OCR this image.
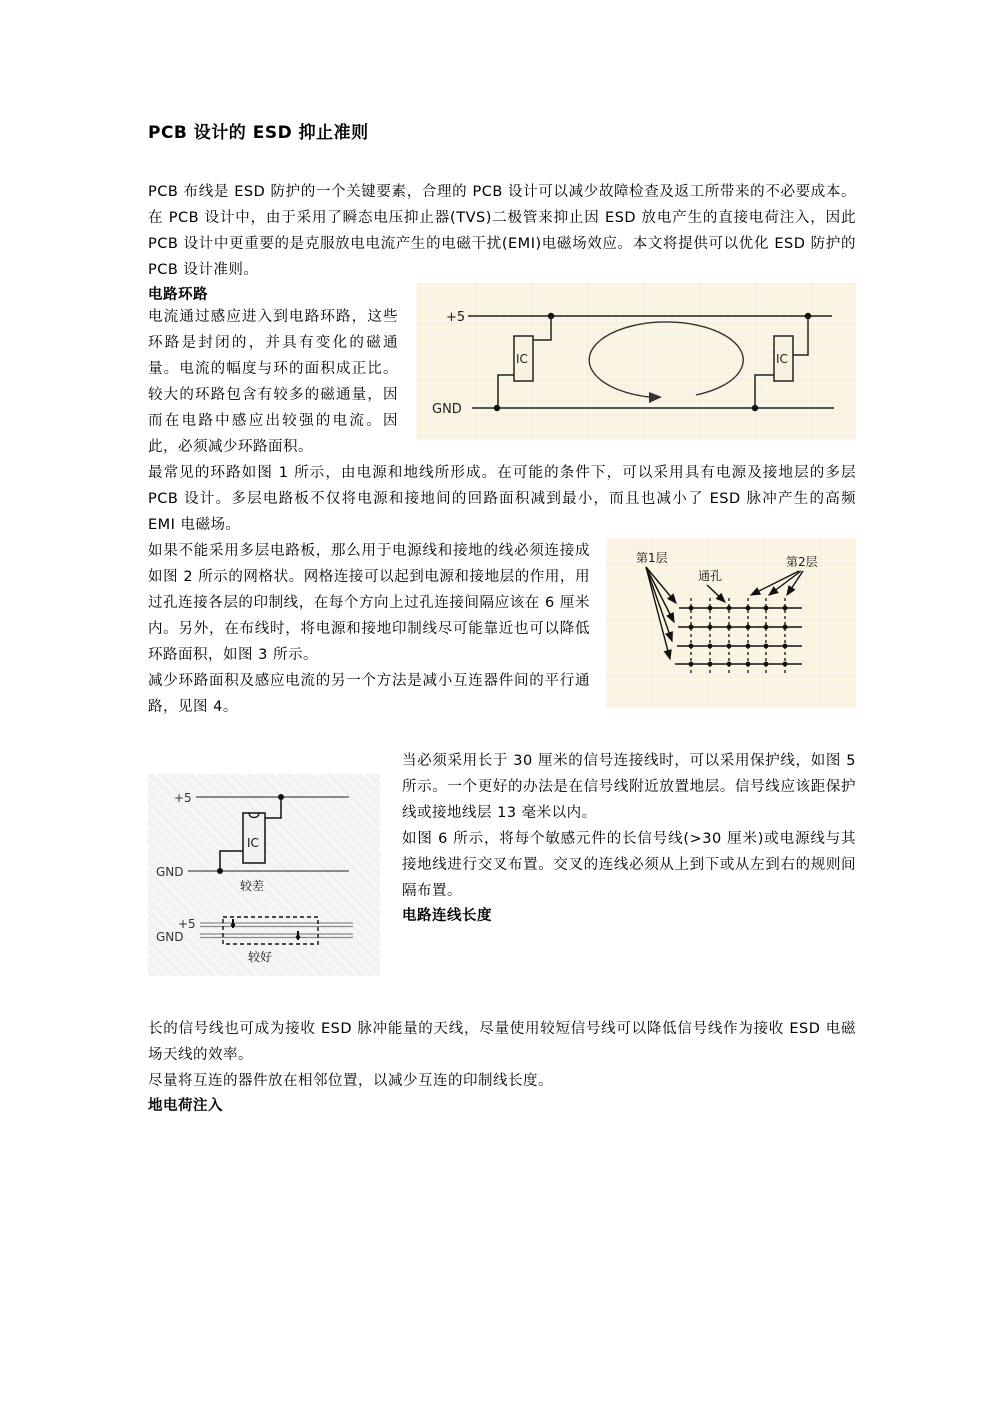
PCB 设计的 ESD 抑止准则

PCB 布线是 ESD 防护的一个关键要素，合理的 PCB 设计可以减少故障检查及返工所带来的不必要成本。在 PCB 设计中，由于采用了瞬态电压抑止器(TVS)二极管来抑止因 ESD 放电产生的直接电荷注入，因此 PCB 设计中更重要的是克服放电电流产生的电磁干扰(EMI)电磁场效应。本文将提供可以优化 ESD 防护的 PCB 设计准则。

+5
GND
IC	IC
电路环路

电流通过感应进入到电路环路，这些环路是封闭的，并具有变化的磁通量。电流的幅度与环的面积成正比。较大的环路包含有较多的磁通量，因而在电路中感应出较强的电流。因此，必须减少环路面积。

最常见的环路如图 1 所示，由电源和地线所形成。在可能的条件下，可以采用具有电源及接地层的多层 PCB 设计。多层电路板不仅将电源和接地间的回路面积减到最小，而且也减小了 ESD 脉冲产生的高频 EMI 电磁场。

第1层
通孔
第2层

如果不能采用多层电路板，那么用于电源线和接地的线必须连接成如图 2 所示的网格状。网格连接可以起到电源和接地层的作用，用过孔连接各层的印制线，在每个方向上过孔连接间隔应该在 6 厘米内。另外，在布线时，将电源和接地印制线尽可能靠近也可以降低环路面积，如图 3 所示。

减少环路面积及感应电流的另一个方法是减小互连器件间的平行通路，见图 4。

+5
IC
GND
较差
+5
GND
较好

当必须采用长于 30 厘米的信号连接线时，可以采用保护线，如图 5 所示。一个更好的办法是在信号线附近放置地层。信号线应该距保护线或接地线层 13 毫米以内。

如图 6 所示，将每个敏感元件的长信号线(>30 厘米)或电源线与其接地线进行交叉布置。交叉的连线必须从上到下或从左到右的规则间隔布置。

电路连线长度

长的信号线也可成为接收 ESD 脉冲能量的天线，尽量使用较短信号线可以降低信号线作为接收 ESD 电磁场天线的效率。

尽量将互连的器件放在相邻位置，以减少互连的印制线长度。

地电荷注入
